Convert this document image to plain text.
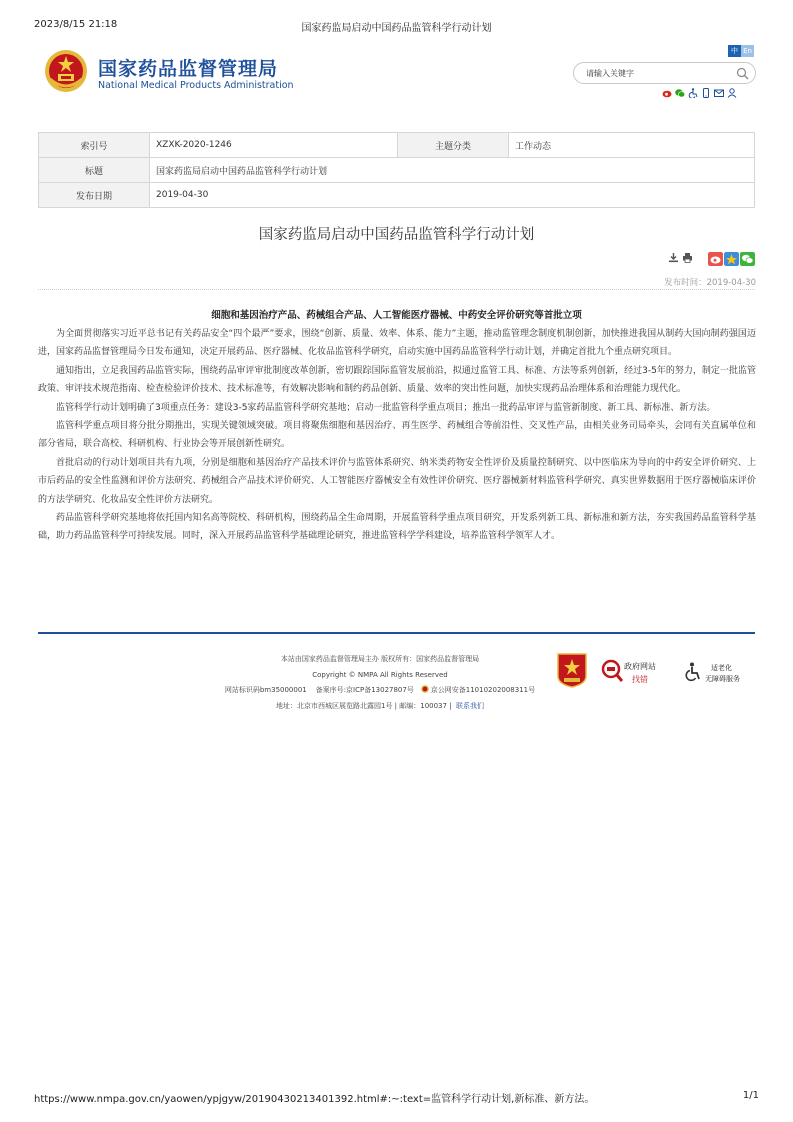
2023/8/15 21:18	国家药监局启动中国药品监管科学行动计划
国家药品监督管理局
National Medical Products Administration
中 En
请输入关键字
索引号	XZXK-2020-1246	主题分类	工作动态
标题	国家药监局启动中国药品监管科学行动计划		
发布日期	2019-04-30		
国家药监局启动中国药品监管科学行动计划
发布时间：2019-04-30
细胞和基因治疗产品、药械组合产品、人工智能医疗器械、中药安全评价研究等首批立项

为全面贯彻落实习近平总书记有关药品安全“四个最严”要求，围绕“创新、质量、效率、体系、能力”主题，推动监管理念制度机制创新，加快推进我国从制药大国向制药强国迈进，国家药品监督管理局今日发布通知，决定开展药品、医疗器械、化妆品监管科学研究，启动实施中国药品监管科学行动计划，并确定首批九个重点研究项目。

通知指出，立足我国药品监管实际，围绕药品审评审批制度改革创新，密切跟踪国际监管发展前沿，拟通过监管工具、标准、方法等系列创新，经过3-5年的努力，制定一批监管政策、审评技术规范指南、检查检验评价技术、技术标准等，有效解决影响和制约药品创新、质量、效率的突出性问题，加快实现药品治理体系和治理能力现代化。

监管科学行动计划明确了3项重点任务：建设3-5家药品监管科学研究基地；启动一批监管科学重点项目；推出一批药品审评与监管新制度、新工具、新标准、新方法。

监管科学重点项目将分批分期推出，实现关键领域突破。项目将聚焦细胞和基因治疗、再生医学、药械组合等前沿性、交叉性产品，由相关业务司局牵头，会同有关直属单位和部分省局，联合高校、科研机构、行业协会等开展创新性研究。

首批启动的行动计划项目共有九项，分别是细胞和基因治疗产品技术评价与监管体系研究、纳米类药物安全性评价及质量控制研究、以中医临床为导向的中药安全评价研究、上市后药品的安全性监测和评价方法研究、药械组合产品技术评价研究、人工智能医疗器械安全有效性评价研究、医疗器械新材料监管科学研究、真实世界数据用于医疗器械临床评价的方法学研究、化妆品安全性评价方法研究。

药品监管科学研究基地将依托国内知名高等院校、科研机构，围绕药品全生命周期，开展监管科学重点项目研究，开发系列新工具、新标准和新方法，夯实我国药品监管科学基础，助力药品监管科学可持续发展。同时，深入开展药品监管科学基础理论研究，推进监管科学学科建设，培养监管科学领军人才。

本站由国家药品监督管理局主办 版权所有：国家药品监督管理局
Copyright © NMPA All Rights Reserved
网站标识码bm35000001 备案序号:京ICP备13027807号 京公网安备11010202008311号
地址：北京市西城区展览路北露园1号 | 邮编：100037 | 联系我们
政府网站
找错
适老化
无障碍服务
https://www.nmpa.gov.cn/yaowen/ypjgyw/20190430213401392.html#:~:text=监管科学行动计划,新标准、新方法。	1/1
